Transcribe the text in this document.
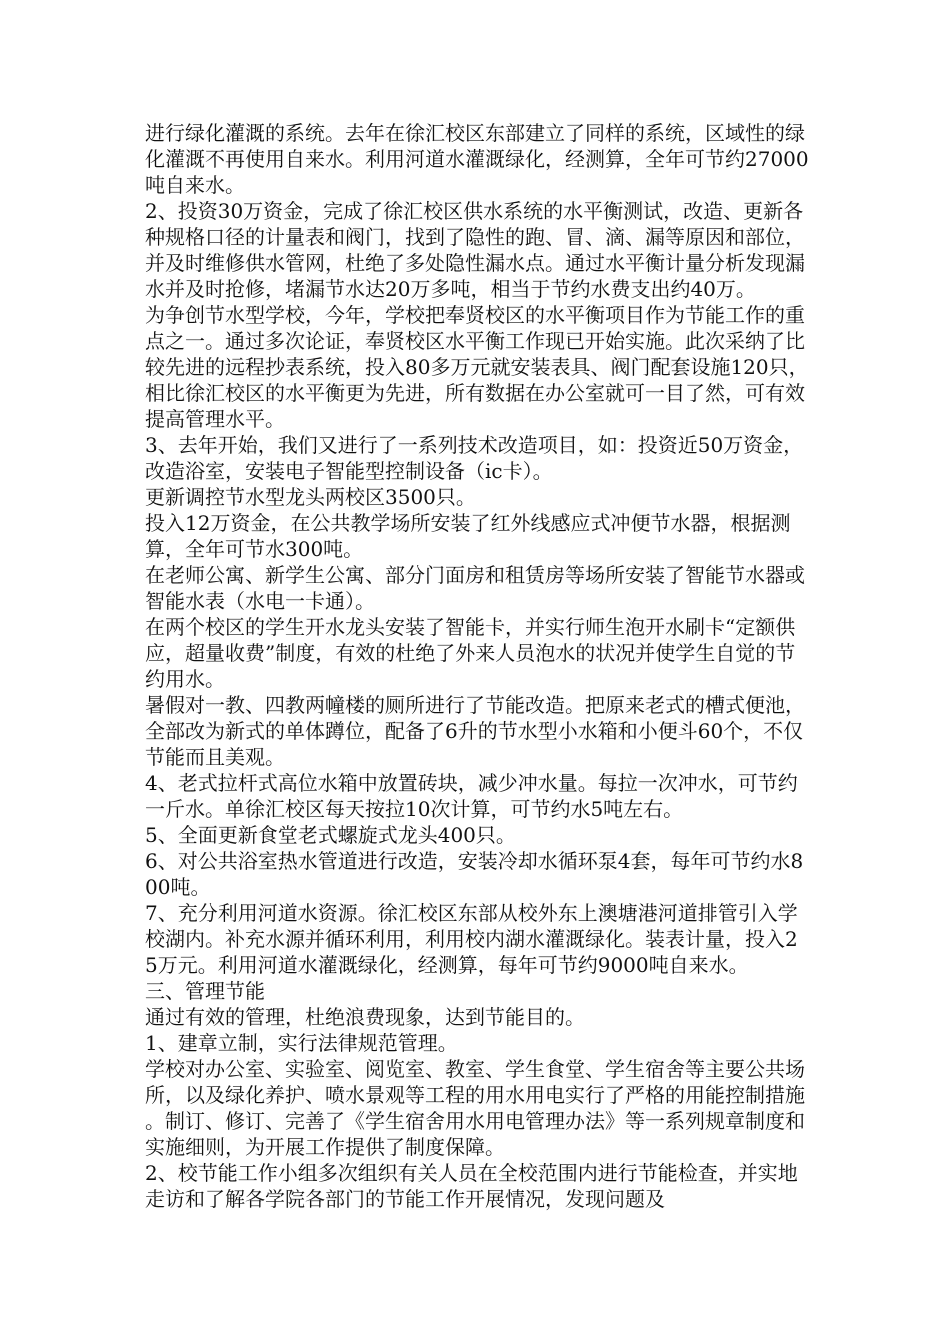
进行绿化灌溉的系统。去年在徐汇校区东部建立了同样的系统，区域性的绿化灌溉不再使用自来水。利用河道水灌溉绿化，经测算，全年可节约27000吨自来水。

2、投资30万资金，完成了徐汇校区供水系统的水平衡测试，改造、更新各种规格口径的计量表和阀门，找到了隐性的跑、冒、滴、漏等原因和部位，并及时维修供水管网，杜绝了多处隐性漏水点。通过水平衡计量分析发现漏水并及时抢修，堵漏节水达20万多吨，相当于节约水费支出约40万。

为争创节水型学校，今年，学校把奉贤校区的水平衡项目作为节能工作的重点之一。通过多次论证，奉贤校区水平衡工作现已开始实施。此次采纳了比较先进的远程抄表系统，投入80多万元就安装表具、阀门配套设施120只，相比徐汇校区的水平衡更为先进，所有数据在办公室就可一目了然，可有效提高管理水平。

3、去年开始，我们又进行了一系列技术改造项目，如：投资近50万资金，改造浴室，安装电子智能型控制设备（ic卡）。

更新调控节水型龙头两校区3500只。

投入12万资金，在公共教学场所安装了红外线感应式冲便节水器，根据测算，全年可节水300吨。

在老师公寓、新学生公寓、部分门面房和租赁房等场所安装了智能节水器或智能水表（水电一卡通）。

在两个校区的学生开水龙头安装了智能卡，并实行师生泡开水刷卡“定额供应，超量收费”制度，有效的杜绝了外来人员泡水的状况并使学生自觉的节约用水。

暑假对一教、四教两幢楼的厕所进行了节能改造。把原来老式的槽式便池，全部改为新式的单体蹲位，配备了6升的节水型小水箱和小便斗60个，不仅节能而且美观。

4、老式拉杆式高位水箱中放置砖块，减少冲水量。每拉一次冲水，可节约一斤水。单徐汇校区每天按拉10次计算，可节约水5吨左右。

5、全面更新食堂老式螺旋式龙头400只。

6、对公共浴室热水管道进行改造，安装冷却水循环泵4套，每年可节约水800吨。

7、充分利用河道水资源。徐汇校区东部从校外东上澳塘港河道排管引入学校湖内。补充水源并循环利用，利用校内湖水灌溉绿化。装表计量，投入25万元。利用河道水灌溉绿化，经测算，每年可节约9000吨自来水。

三、管理节能

通过有效的管理，杜绝浪费现象，达到节能目的。

1、建章立制，实行法律规范管理。

学校对办公室、实验室、阅览室、教室、学生食堂、学生宿舍等主要公共场所，以及绿化养护、喷水景观等工程的用水用电实行了严格的用能控制措施。制订、修订、完善了《学生宿舍用水用电管理办法》等一系列规章制度和实施细则，为开展工作提供了制度保障。

2、校节能工作小组多次组织有关人员在全校范围内进行节能检查，并实地走访和了解各学院各部门的节能工作开展情况，发现问题及
